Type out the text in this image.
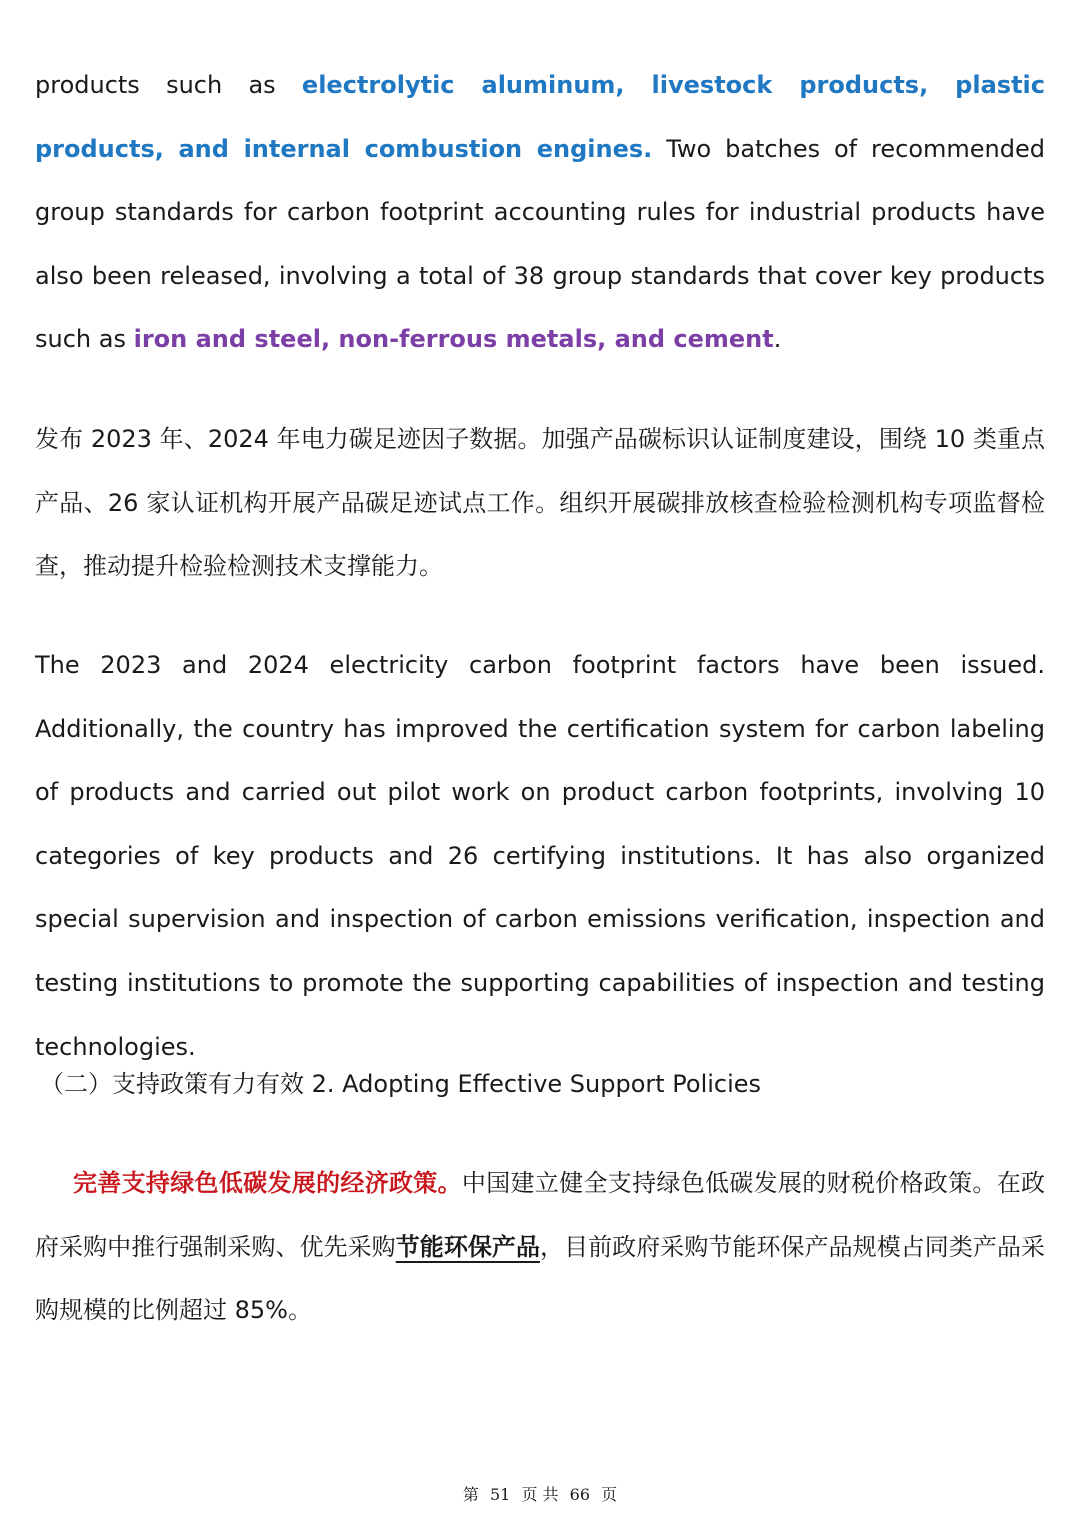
products such as electrolytic aluminum, livestock products, plastic products, and internal combustion engines. Two batches of recommended group standards for carbon footprint accounting rules for industrial products have also been released, involving a total of 38 group standards that cover key products such as iron and steel, non-ferrous metals, and cement.

发布 2023 年、2024 年电力碳足迹因子数据。加强产品碳标识认证制度建设，围绕 10 类重点产品、26 家认证机构开展产品碳足迹试点工作。组织开展碳排放核查检验检测机构专项监督检查，推动提升检验检测技术支撑能力。

The 2023 and 2024 electricity carbon footprint factors have been issued. Additionally, the country has improved the certification system for carbon labeling of products and carried out pilot work on product carbon footprints, involving 10 categories of key products and 26 certifying institutions. It has also organized special supervision and inspection of carbon emissions verification, inspection and testing institutions to promote the supporting capabilities of inspection and testing technologies.

（二）支持政策有力有效 2. Adopting Effective Support Policies

完善支持绿色低碳发展的经济政策。中国建立健全支持绿色低碳发展的财税价格政策。在政府采购中推行强制采购、优先采购节能环保产品，目前政府采购节能环保产品规模占同类产品采购规模的比例超过 85%。

第 51 页 共 66 页
